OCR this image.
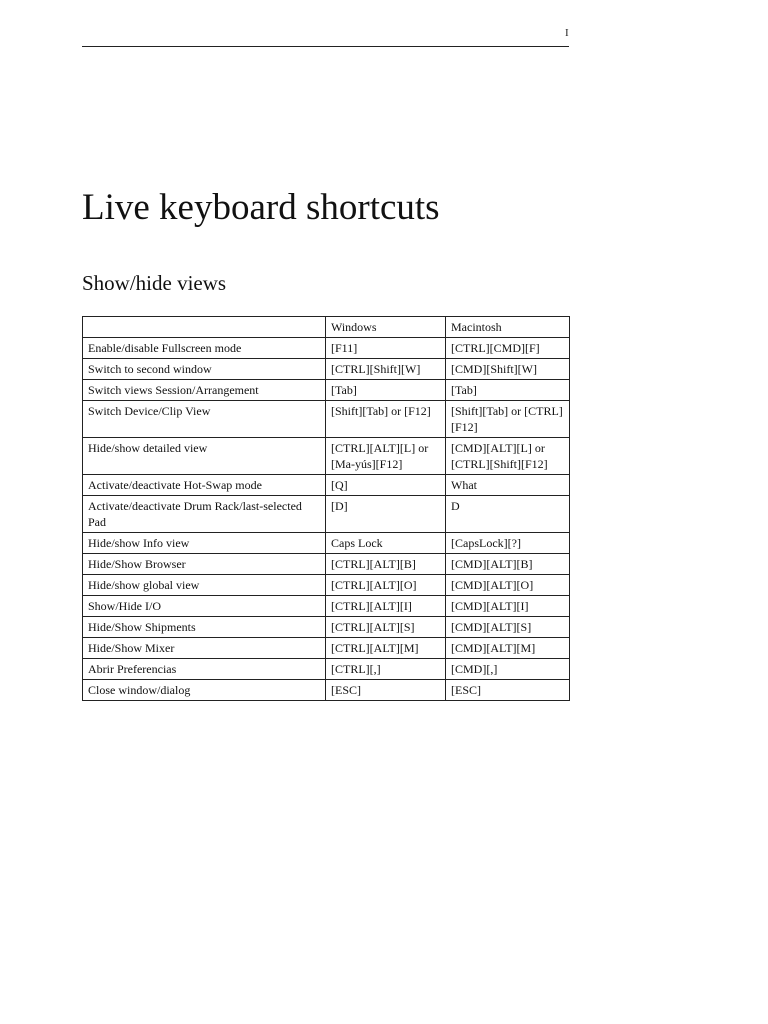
I
Live keyboard shortcuts
Show/hide views
	Windows	Macintosh
Enable/disable Fullscreen mode	[F11]	[CTRL][CMD][F]
Switch to second window	[CTRL][Shift][W]	[CMD][Shift][W]
Switch views Session/Arrangement	[Tab]	[Tab]
Switch Device/Clip View	[Shift][Tab] or [F12]	[Shift][Tab] or [CTRL][F12]
Hide/show detailed view	[CTRL][ALT][L] or [Ma-yús][F12]	[CMD][ALT][L] or [CTRL][Shift][F12]
Activate/deactivate Hot-Swap mode	[Q]	What
Activate/deactivate Drum Rack/last-selected Pad	[D]	D
Hide/show Info view	Caps Lock	[CapsLock][?]
Hide/Show Browser	[CTRL][ALT][B]	[CMD][ALT][B]
Hide/show global view	[CTRL][ALT][O]	[CMD][ALT][O]
Show/Hide I/O	[CTRL][ALT][I]	[CMD][ALT][I]
Hide/Show Shipments	[CTRL][ALT][S]	[CMD][ALT][S]
Hide/Show Mixer	[CTRL][ALT][M]	[CMD][ALT][M]
Abrir Preferencias	[CTRL][,]	[CMD][,]
Close window/dialog	[ESC]	[ESC]
